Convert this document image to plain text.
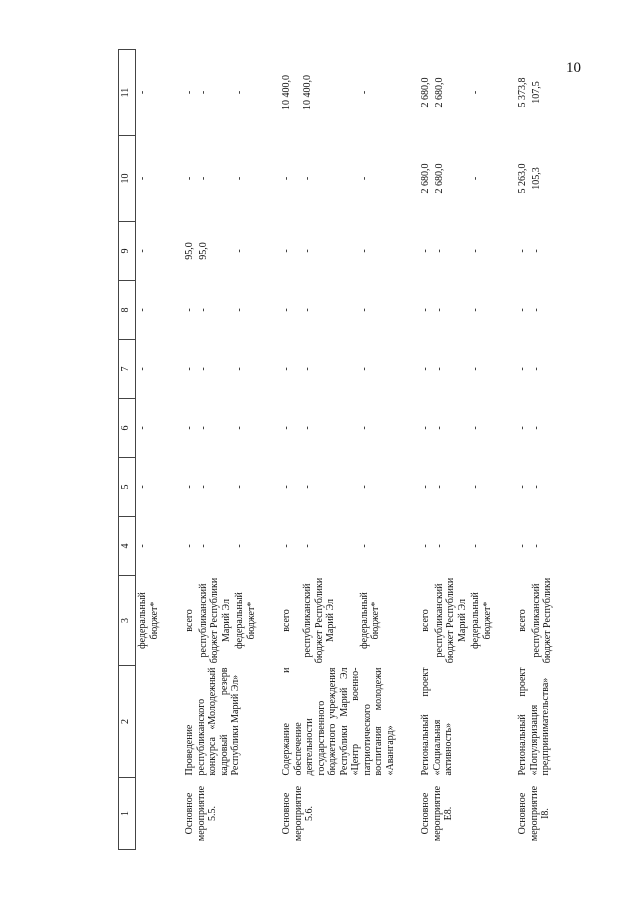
10
1	2	3	4	5	6	7	8	9	10	11
		федеральный
бюджет*	-	-	-	-	-	-	-	-

Основное
мероприятие
5.5.	Проведение республиканского конкурса «Молодежный кадровый резерв Республики Марий Эл»	всего	-	-	-	-	-	95,0	-	-
		республиканский
бюджет Республики
Марий Эл	-	-	-	-	-	95,0	-	-
		федеральный
бюджет*	-	-	-	-	-	-	-	-

Основное
мероприятие
5.6.	Содержание и обеспечение деятельности государственного бюджетного учреждения Республики Марий Эл «Центр военно-патриотического воспитания молодежи «Авангард»	всего	-	-	-	-	-	-	-	10 400,0
		республиканский
бюджет Республики
Марий Эл	-	-	-	-	-	-	-	10 400,0
		федеральный
бюджет*	-	-	-	-	-	-	-	-

Основное
мероприятие
Е8.	Региональный проект «Социальная активность»	всего	-	-	-	-	-	-	2 680,0	2 680,0
		республиканский
бюджет Республики
Марий Эл	-	-	-	-	-	-	2 680,0	2 680,0
		федеральный
бюджет*	-	-	-	-	-	-	-	-

Основное
мероприятие
I8.	Региональный проект «Популяризация предпринимательства»	всего	-	-	-	-	-	-	5 263,0	5 373,8
		республиканский
бюджет Республики	-	-	-	-	-	-	105,3	107,5
